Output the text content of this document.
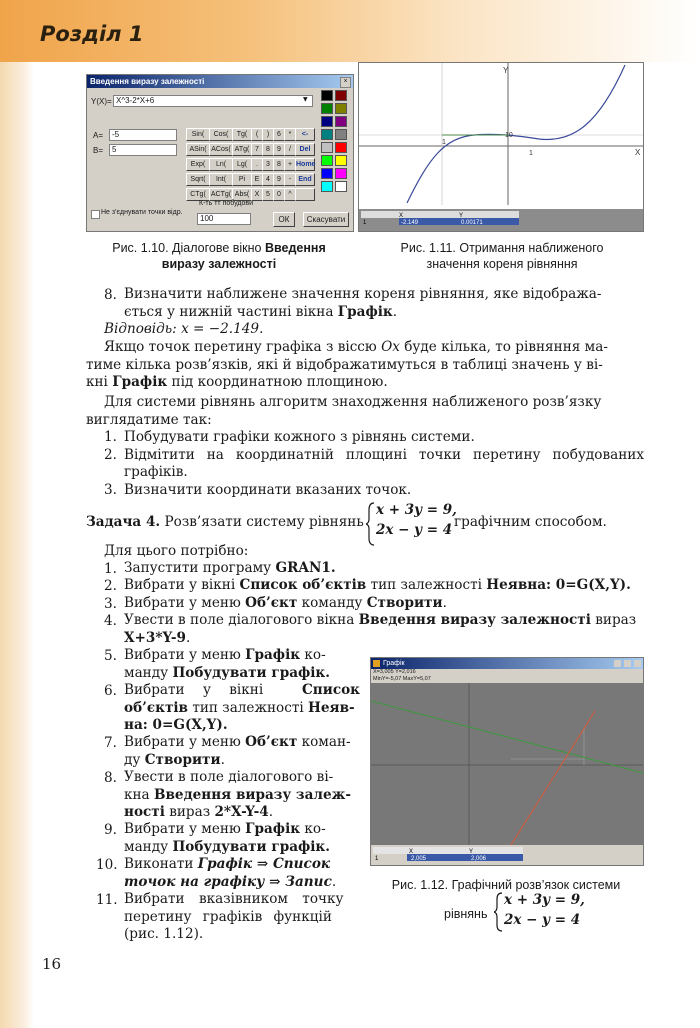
Розділ 1
Введення виразу залежності	×
Y(X)= X^3-2*X+6	▼
A=	-5
B=	5
Sin(	Cos(	Tg(	(	)	6	*	<-
ASin( ACos( ATg( 7	8	9	/	Del
Exp(	Ln(	Lg(	.	3	8	+ Home
Sqrt(	Int(	Pi	E 4	9	-	End
CTg( ACTg( Abs( X 5	0	^
Не з'єднувати точки відр.
К-ть тт побудови
100	ОК	Скасувати
Y
X
1
10
1
X	Y
1	-2.149	0.00171
Рис. 1.10. Діалогове вікно Введення
виразу залежності
Рис. 1.11. Отримання наближеного
значення кореня рівняння
8. Визначити наближене значення кореня рівняння, яке відобража-
ється у нижній частині вікна Графік.
Відповідь: x = −2.149.
Якщо точок перетину графіка з віссю Ox буде кілька, то рівняння ма-
тиме кілька розв’язків, які й відображатимуться в таблиці значень у ві-
кні Графік під координатною площиною.
Для системи рівнянь алгоритм знаходження наближеного розв’язку
виглядатиме так:
1. Побудувати графіки кожного з рівнянь системи.
2. Відмітити на координатній площині точки перетину побудованих
графіків.
3. Визначити координати вказаних точок.
Задача 4. Розв’язати систему рівнянь
x + 3y = 9,
2x − y = 4 графічним способом.
Для цього потрібно:
1. Запустити програму GRAN1.
2. Вибрати у вікні Список об’єктів тип залежності Неявна: 0=G(X,Y).
3. Вибрати у меню Об’єкт команду Створити.
4. Увести в поле діалогового вікна Введення виразу залежності вираз
X+3*Y-9.
5. Вибрати у меню Графік ко-
манду Побудувати графік.
6. Вибрати у вікні	Список

об’єктів тип залежності Неяв-
на: 0=G(X,Y).
7. Вибрати у меню Об’єкт коман-
ду Створити.
8. Увести в поле діалогового ві-
кна Введення виразу залеж-
ності вираз 2*X-Y-4.
9. Вибрати у меню Графік ко-
манду Побудувати графік.
10. Виконати Графік ⇒ Список
точок на графіку ⇒ Запис.
11. Вибрати вказівником точку
перетину графіків функцій
(рис. 1.12).
Графік
X=3,005 Y=2,016
MinY=-5,07 MaxY=5,07
X	Y
1	2,005	2,006
Рис. 1.12. Графічний розв’язок системи
рівнянь
x + 3y = 9,
2x − y = 4
16
